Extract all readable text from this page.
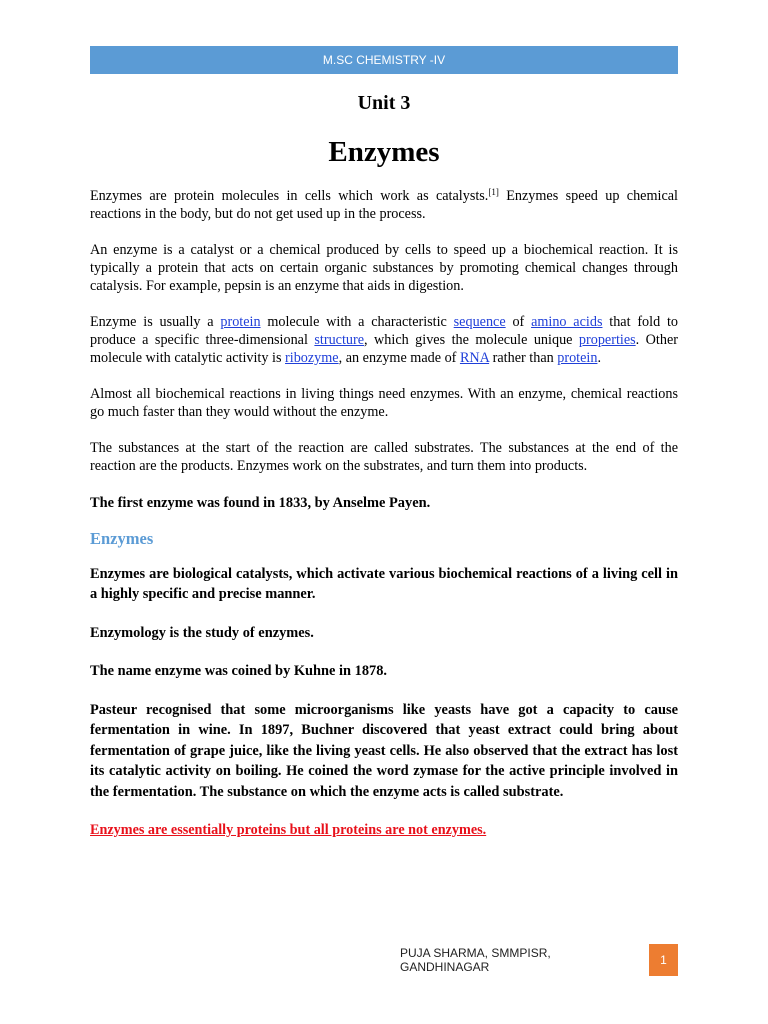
M.SC CHEMISTRY -IV
Unit 3
Enzymes

Enzymes are protein molecules in cells which work as catalysts.[1] Enzymes speed up chemical reactions in the body, but do not get used up in the process.

An enzyme is a catalyst or a chemical produced by cells to speed up a biochemical reaction. It is typically a protein that acts on certain organic substances by promoting chemical changes through catalysis. For example, pepsin is an enzyme that aids in digestion.

Enzyme is usually a protein molecule with a characteristic sequence of amino acids that fold to produce a specific three-dimensional structure, which gives the molecule unique properties. Other molecule with catalytic activity is ribozyme, an enzyme made of RNA rather than protein.

Almost all biochemical reactions in living things need enzymes. With an enzyme, chemical reactions go much faster than they would without the enzyme.

The substances at the start of the reaction are called substrates. The substances at the end of the reaction are the products. Enzymes work on the substrates, and turn them into products.

The first enzyme was found in 1833, by Anselme Payen.

Enzymes

Enzymes are biological catalysts, which activate various biochemical reactions of a living cell in a highly specific and precise manner.

Enzymology is the study of enzymes.

The name enzyme was coined by Kuhne in 1878.

Pasteur recognised that some microorganisms like yeasts have got a capacity to cause fermentation in wine. In 1897, Buchner discovered that yeast extract could bring about fermentation of grape juice, like the living yeast cells. He also observed that the extract has lost its catalytic activity on boiling. He coined the word zymase for the active principle involved in the fermentation. The substance on which the enzyme acts is called substrate.

Enzymes are essentially proteins but all proteins are not enzymes.

PUJA SHARMA, SMMPISR, GANDHINAGAR	1
